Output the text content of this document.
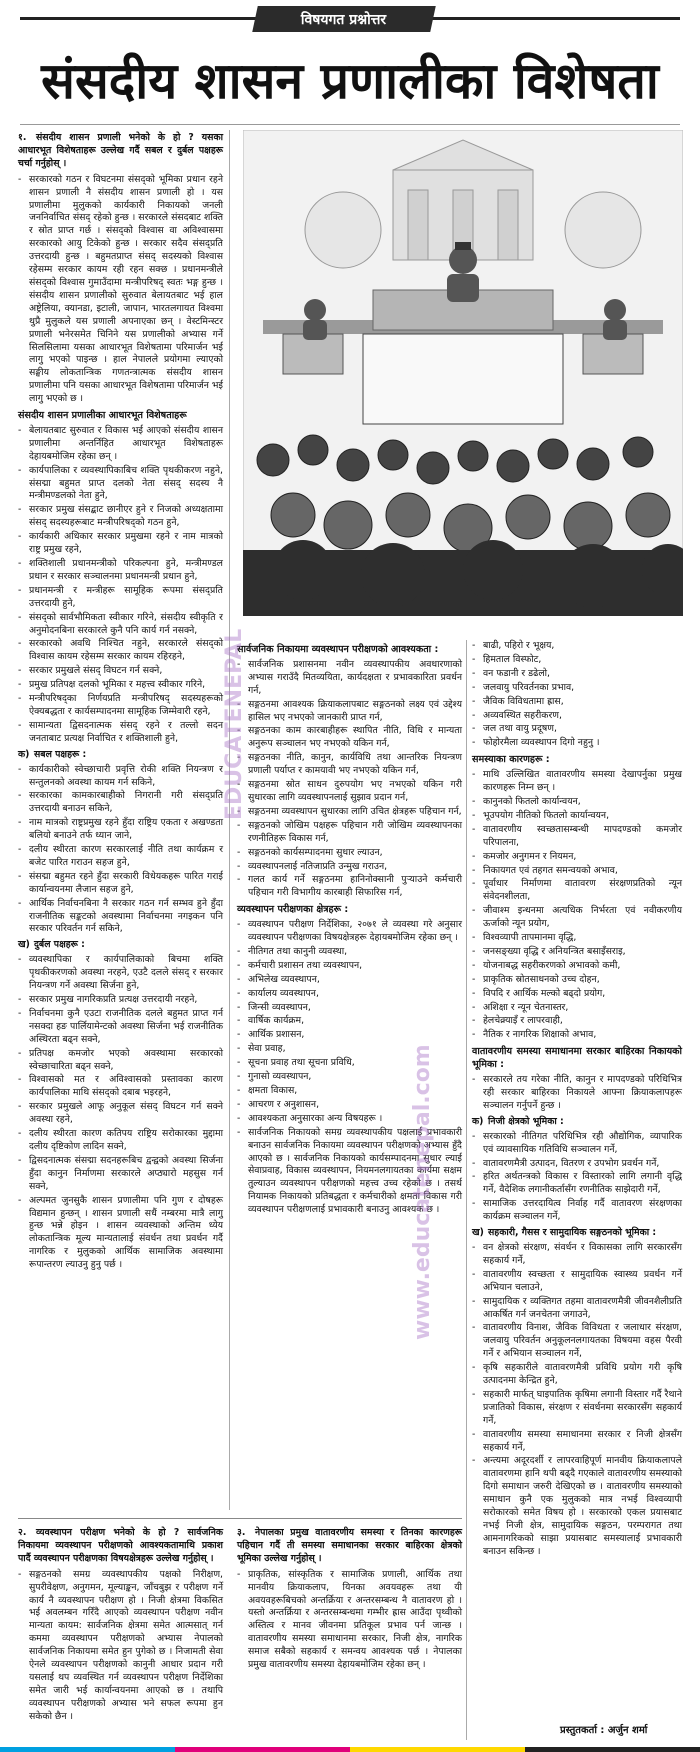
विषयगत प्रश्नोत्तर
संसदीय शासन प्रणालीका विशेषता
१. संसदीय शासन प्रणाली भनेको के हो ? यसका आधारभूत विशेषताहरू उल्लेख गर्दै सबल र दुर्बल पक्षहरू चर्चा गर्नुहोस् ।
- सरकारको गठन र विघटनमा संसद्को भूमिका प्रधान रहने शासन प्रणाली नै संसदीय शासन प्रणाली हो । यस प्रणालीमा मुलुकको कार्यकारी निकायको जनली जननिर्वाचित संसद् रहेको हुन्छ । सरकारले संसदबाट शक्ति र स्रोत प्राप्त गर्छ । संसद्को विश्वास वा अविश्वासमा सरकारको आयु टिकेको हुन्छ । सरकार सदैव संसद्प्रति उत्तरदायी हुन्छ । बहुमतप्राप्त संसद् सदस्यको विश्वास रहेसम्म सरकार कायम रही रहन सक्छ । प्रधानमन्त्रीले संसद्को विश्वास गुमाउँदामा मन्त्रीपरिषद् स्वतः भङ्ग हुन्छ । संसदीय शासन प्रणालीको सुरुवात बेलायतबाट भई हाल अष्ट्रेलिया, क्यानडा, इटाली, जापान, भारतलगायत विश्वमा थुप्रै मुलुकले यस प्रणाली अपनाएका छन् । वेस्टमिन्स्टर प्रणाली भनेरसमेत चिनिने यस प्रणालीको अभ्यास गर्ने सिलसिलामा यसका आधारभूत विशेषतामा परिमार्जन भई लागु भएको पाइन्छ । हाल नेपालले प्रयोगमा ल्याएको सङ्घीय लोकतान्त्रिक गणतन्त्रात्मक संसदीय शासन प्रणालीमा पनि यसका आधारभूत विशेषतामा परिमार्जन भई लागु भएको छ ।
संसदीय शासन प्रणालीका आधारभूत विशेषताहरू
- बेलायतबाट सुरुवात र विकास भई आएको संसदीय शासन प्रणालीमा अन्तर्निहित आधारभूत विशेषताहरू देहायबमोजिम रहेका छन् ।
- कार्यपालिका र व्यवस्थापिकाबिच शक्ति पृथकीकरण नहुने, संसद्मा बहुमत प्राप्त दलको नेता संसद् सदस्य नै मन्त्रीमण्डलको नेता हुने,
- सरकार प्रमुख संसद्बाट छानीएर हुने र निजको अध्यक्षतामा संसद् सदस्यहरूबाट मन्त्रीपरिषद्को गठन हुने,
- कार्यकारी अधिकार सरकार प्रमुखमा रहने र नाम मात्रको राष्ट्र प्रमुख रहने,
- शक्तिशाली प्रधानमन्त्रीको परिकल्पना हुने, मन्त्रीमण्डल प्रधान र सरकार सञ्चालनमा प्रधानमन्त्री प्रधान हुने,
- प्रधानमन्त्री र मन्त्रीहरू सामूहिक रूपमा संसद्प्रति उत्तरदायी हुने,
- संसद्को सार्वभौमिकता स्वीकार गरिने, संसदीय स्वीकृति र अनुमोदनबिना सरकारले कुनै पनि कार्य गर्न नसक्ने,
- सरकारको अवधि निश्चित नहुने, सरकारले संसद्को विश्वास कायम रहेसम्म सरकार कायम रहिरहने,
- सरकार प्रमुखले संसद् विघटन गर्न सक्ने,
- प्रमुख प्रतिपक्ष दलको भूमिका र महत्त्व स्वीकार गरिने,
- मन्त्रीपरिषद्का निर्णयप्रति मन्त्रीपरिषद् सदस्यहरूको ऐक्यबद्धता र कार्यसम्पादनमा सामूहिक जिम्मेवारी रहने,
- सामान्यता द्विसदनात्मक संसद् रहने र तल्लो सदन जनताबाट प्रत्यक्ष निर्वाचित र शक्तिशाली हुने,
क) सबल पक्षहरू :
- कार्यकारीको स्वेच्छाचारी प्रवृत्ति रोकी शक्ति नियन्त्रण र सन्तुलनको अवस्था कायम गर्न सकिने,
- सरकारका कामकारबाहीको निगरानी गरी संसद्प्रति उत्तरदायी बनाउन सकिने,
- नाम मात्रको राष्ट्रप्रमुख रहने हुँदा राष्ट्रिय एकता र अखण्डता बलियो बनाउने तर्फ ध्यान जाने,
- दलीय स्थीरता कारण सरकारलाई नीति तथा कार्यक्रम र बजेट पारित गराउन सहज हुने,
- संसद्मा बहुमत रहने हुँदा सरकारी विधेयकहरू पारित गराई कार्यान्वयनमा लैजान सहज हुने,
- आर्थिक निर्वाचनबिना नै सरकार गठन गर्न सम्भव हुने हुँदा राजनीतिक सङ्कटको अवस्थामा निर्वाचनमा नगइकन पनि सरकार परिवर्तन गर्न सकिने,
ख) दुर्बल पक्षहरू :
- व्यवस्थापिका र कार्यपालिकाको बिचमा शक्ति पृथकीकरणको अवस्था नरहने, एउटै दलले संसद् र सरकार नियन्त्रण गर्ने अवस्था सिर्जना हुने,
- सरकार प्रमुख नागरिकप्रति प्रत्यक्ष उत्तरदायी नरहने,
- निर्वाचनमा कुनै एउटा राजनीतिक दलले बहुमत प्राप्त गर्न नसक्दा हङ पार्लियामेन्टको अवस्था सिर्जना भई राजनीतिक अस्थिरता बढ्न सक्ने,
- प्रतिपक्ष कमजोर भएको अवस्थामा सरकारको स्वेच्छाचारिता बढ्न सक्ने,
- विश्वासको मत र अविश्वासको प्रस्तावका कारण कार्यपालिका माथि संसद्को दबाब भइरहने,
- सरकार प्रमुखले आफू अनुकूल संसद् विघटन गर्न सक्ने अवस्था रहने,
- दलीय स्थीरता कारण कतिपय राष्ट्रिय सरोकारका मुद्दामा दलीय दृष्टिकोण लादिन सक्ने,
- द्विसदनात्मक संसद्मा सदनहरूबिच द्वन्द्वको अवस्था सिर्जना हुँदा कानुन निर्माणमा सरकारले अप्ठ्यारो महसुस गर्न सक्ने,
- अल्पमत जुनसुकै शासन प्रणालीमा पनि गुण र दोषहरू विद्यमान हुन्छन् । शासन प्रणाली सधैं नम्बरमा मात्रै लागु हुन्छ भन्ने होइन । शासन व्यवस्थाको अन्तिम ध्येय लोकतान्त्रिक मूल्य मान्यतालाई संवर्धन तथा प्रवर्धन गर्दै नागरिक र मुलुकको आर्थिक सामाजिक अवस्थामा रूपान्तरण ल्याउनु हुनु पर्छ ।
२. व्यवस्थापन परीक्षण भनेको के हो ? सार्वजनिक निकायमा व्यवस्थापन परीक्षणको आवश्यकतामाथि प्रकाश पार्दै व्यवस्थापन परीक्षणका विषयक्षेत्रहरू उल्लेख गर्नुहोस् ।
- सङ्गठनको समग्र व्यवस्थापकीय पक्षको निरीक्षण, सुपरीवेक्षण, अनुगमन, मूल्याङ्कन, जाँचबुझ र परीक्षण गर्ने कार्य नै व्यवस्थापन परीक्षण हो । निजी क्षेत्रमा विकसित भई अवलम्बन गरिँदै आएको व्यवस्थापन परीक्षण नवीन मान्यता कायम: सार्वजनिक क्षेत्रमा समेत आत्मसात् गर्न कममा व्यवस्थापन परीक्षणको अभ्यास नेपालको सार्वजनिक निकायमा समेत हुन पुगेको छ । निजामती सेवा ऐनले व्यवस्थापन परीक्षणको कानुनी आधार प्रदान गरी यसलाई थप व्यवस्थित गर्न व्यवस्थापन परीक्षण निर्देशिका समेत जारी भई कार्यान्वयनमा आएको छ । तथापि व्यवस्थापन परीक्षणको अभ्यास भने सफल रूपमा हुन सकेको छैन ।
सार्वजनिक निकायमा व्यवस्थापन परीक्षणको आवश्यकता :
- सार्वजनिक प्रशासनमा नवीन व्यवस्थापकीय अवधारणाको अभ्यास गराउँदै मितव्ययिता, कार्यदक्षता र प्रभावकारिता प्रवर्धन गर्न,
- सङ्गठनमा आवश्यक क्रियाकलापबाट सङ्गठनको लक्ष्य एवं उद्देश्य हासिल भए नभएको जानकारी प्राप्त गर्न,
- सङ्गठनका काम कारबाहीहरू स्थापित नीति, विधि र मान्यता अनुरूप सञ्चालन भए नभएको यकिन गर्न,
- सङ्गठनका नीति, कानुन, कार्यविधि तथा आन्तरिक नियन्त्रण प्रणाली पर्याप्त र कामयावी भए नभएको यकिन गर्न,
- सङ्गठनमा स्रोत साधन दुरुपयोग भए नभएको यकिन गरी सुधारका लागि व्यवस्थापनलाई सुझाव प्रदान गर्न,
- सङ्गठनमा व्यवस्थापन सुधारका लागि उचित क्षेत्रहरू पहिचान गर्न,
- सङ्गठनको जोखिम पक्षहरू पहिचान गरी जोखिम व्यवस्थापनका रणनीतिहरू विकास गर्न,
- सङ्गठनको कार्यसम्पादनमा सुधार ल्याउन,
- व्यवस्थापनलाई नतिजाप्रति उन्मुख गराउन,
- गलत कार्य गर्ने सङ्गठनमा हानिनोक्सानी पुऱ्याउने कर्मचारी पहिचान गरी विभागीय कारबाही सिफारिस गर्न,
व्यवस्थापन परीक्षणका क्षेत्रहरू :
- व्यवस्थापन परीक्षण निर्देशिका, २०७१ ले व्यवस्था गरे अनुसार व्यवस्थापन परीक्षणका विषयक्षेत्रहरू देहायबमोजिम रहेका छन् ।
- नीतिगत तथा कानुनी व्यवस्था,
- कर्मचारी प्रशासन तथा व्यवस्थापन,
- अभिलेख व्यवस्थापन,
- कार्यालय व्यवस्थापन,
- जिन्सी व्यवस्थापन,
- वार्षिक कार्यक्रम,
- आर्थिक प्रशासन,
- सेवा प्रवाह,
- सूचना प्रवाह तथा सूचना प्रविधि,
- गुनासो व्यवस्थापन,
- क्षमता विकास,
- आचरण र अनुशासन,
- आवश्यकता अनुसारका अन्य विषयहरू ।
- सार्वजनिक निकायको समग्र व्यवस्थापकीय पक्षलाई प्रभावकारी बनाउन सार्वजनिक निकायमा व्यवस्थापन परीक्षणको अभ्यास हुँदै आएको छ । सार्वजनिक निकायको कार्यसम्पादनमा सुधार ल्याई सेवाप्रवाह, विकास व्यवस्थापन, नियमनलगायतका कार्यमा सक्षम तुल्याउन व्यवस्थापन परीक्षणको महत्त्व उच्च रहेको छ । तसर्थ नियामक निकायको प्रतिबद्धता र कर्मचारीको क्षमता विकास गरी व्यवस्थापन परीक्षणलाई प्रभावकारी बनाउनु आवश्यक छ ।
३. नेपालका प्रमुख वातावरणीय समस्या र तिनका कारणहरू पहिचान गर्दै ती समस्या समाधानका सरकार बाहिरका क्षेत्रको भूमिका उल्लेख गर्नुहोस् ।
- प्राकृतिक, सांस्कृतिक र सामाजिक प्रणाली, आर्थिक तथा मानवीय क्रियाकलाप, यिनका अवयवहरू तथा यी अवयवहरूबिचको अन्तर्क्रिया र अन्तरसम्बन्ध नै वातावरण हो । यस्तो अन्तर्क्रिया र अन्तरसम्बन्धमा गम्भीर ह्रास आउँदा पृथ्वीको अस्तित्व र मानव जीवनमा प्रतिकूल प्रभाव पर्न जान्छ । वातावरणीय समस्या समाधानमा सरकार, निजी क्षेत्र, नागरिक समाज सबैको सहकार्य र समन्वय आवश्यक पर्छ । नेपालका प्रमुख वातावरणीय समस्या देहायबमोजिम रहेका छन् ।
- बाढी, पहिरो र भूक्षय,
- हिमताल विस्फोट,
- वन फडानी र डढेलो,
- जलवायु परिवर्तनका प्रभाव,
- जैविक विविधतामा ह्रास,
- अव्यवस्थित सहरीकरण,
- जल तथा वायु प्रदूषण,
- फोहोरमैला व्यवस्थापन दिगो नहुनु ।
समस्याका कारणहरू :
- माथि उल्लिखित वातावरणीय समस्या देखापर्नुका प्रमुख कारणहरू निम्न छन् ।
- कानुनको फितलो कार्यान्वयन,
- भूउपयोग नीतिको फितलो कार्यान्वयन,
- वातावरणीय स्वच्छतासम्बन्धी मापदण्डको कमजोर परिपालना,
- कमजोर अनुगमन र नियमन,
- निकायगत एवं तहगत समन्वयको अभाव,
- पूर्वाधार निर्माणमा वातावरण संरक्षणप्रतिको न्यून संवेदनशीलता,
- जीवाश्म इन्धनमा अत्यधिक निर्भरता एवं नवीकरणीय ऊर्जाको न्यून प्रयोग,
- विश्वव्यापी तापमानमा वृद्धि,
- जनसङ्ख्या वृद्धि र अनियन्त्रित बसाइँसराइ,
- योजनाबद्ध सहरीकरणको अभावको कमी,
- प्राकृतिक स्रोतसाधनको उच्च दोहन,
- विपदि र आर्थिक मल्को बढ्दो प्रयोग,
- अशिक्षा र न्यून चेतनास्तर,
- हेलचेक्र्याइँ र लापरवाही,
- नैतिक र नागरिक शिक्षाको अभाव,
वातावरणीय समस्या समाधानमा सरकार बाहिरका निकायको भूमिका :
- सरकारले तय गरेका नीति, कानुन र मापदण्डको परिधिभित्र रही सरकार बाहिरका निकायले आफ्ना क्रियाकलापहरू सञ्चालन गर्नुपर्ने हुन्छ ।
क) निजी क्षेत्रको भूमिका :
- सरकारको नीतिगत परिधिभित्र रही औद्योगिक, व्यापारिक एवं व्यावसायिक गतिविधि सञ्चालन गर्ने,
- वातावरणमैत्री उत्पादन, वितरण र उपभोग प्रवर्धन गर्ने,
- हरित अर्थतन्त्रको विकास र विस्तारको लागि लगानी वृद्धि गर्ने, वैदेशिक लगानीकर्तासँग रणनीतिक साझेदारी गर्ने,
- सामाजिक उत्तरदायित्व निर्वाह गर्दै वातावरण संरक्षणका कार्यक्रम सञ्चालन गर्ने,
ख) सहकारी, गैसस र सामुदायिक सङ्गठनको भूमिका :
- वन क्षेत्रको संरक्षण, संवर्धन र विकासका लागि सरकारसँग सहकार्य गर्ने,
- वातावरणीय स्वच्छता र सामुदायिक स्वास्थ्य प्रवर्धन गर्ने अभियान चलाउने,
- सामुदायिक र व्यक्तिगत तहमा वातावरणमैत्री जीवनशैलीप्रति आकर्षित गर्न जनचेतना जगाउने,
- वातावरणीय विनाश, जैविक विविधता र जलाधार संरक्षण, जलवायु परिवर्तन अनुकूलनलगायतका विषयमा वहस पैरवी गर्ने र अभियान सञ्चालन गर्ने,
- कृषि सहकारीले वातावरणमैत्री प्रविधि प्रयोग गरी कृषि उत्पादनमा केन्द्रित हुने,
- सहकारी मार्फत् घाइपातिक कृषिमा लगानी विस्तार गर्दै रैथाने प्रजातिको विकास, संरक्षण र संवर्धनमा सरकारसँग सहकार्य गर्ने,
- वातावरणीय समस्या समाधानमा सरकार र निजी क्षेत्रसँग सहकार्य गर्ने,
- अन्त्यमा अदूरदर्शी र लापरवाहिपूर्ण मानवीय क्रियाकलापले वातावरणमा हानि थपी बढ्दै गएकाले वातावरणीय समस्याको दिगो समाधान जरुरी देखिएको छ । वातावरणीय समस्याको समाधान कुनै एक मुलुकको मात्र नभई विश्वव्यापी सरोकारको समेत विषय हो । सरकारको एकल प्रयासबाट नभई निजी क्षेत्र, सामुदायिक सङ्गठन, परम्परागत तथा आमनागरिकको साझा प्रयासबाट समस्यालाई प्रभावकारी बनाउन सकिन्छ ।
EDUCATENEPAL
www.educatenepal.com
प्रस्तुतकर्ता : अर्जुन शर्मा
